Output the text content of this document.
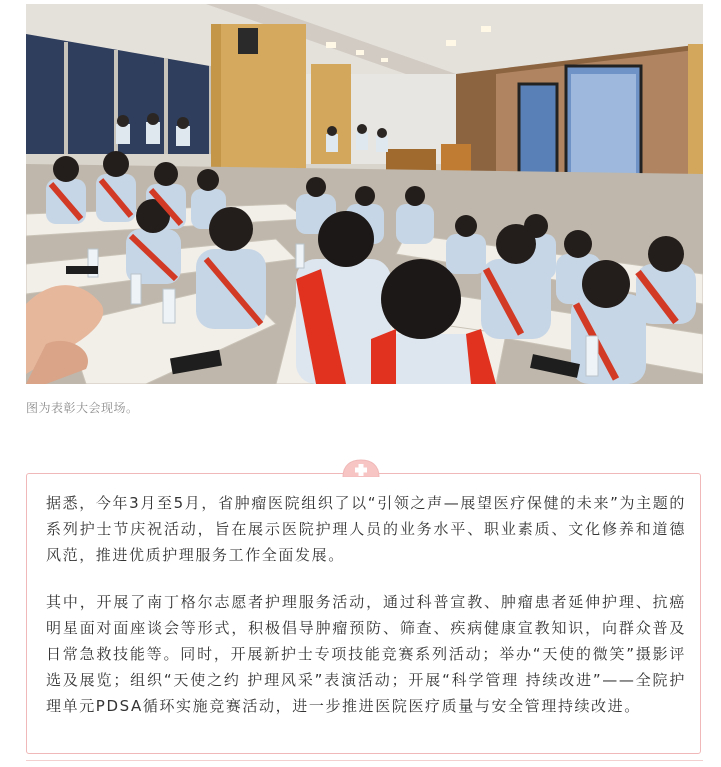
图为表彰大会现场。

据悉，今年3月至5月，省肿瘤医院组织了以“引领之声—展望医疗保健的未来”为主题的系列护士节庆祝活动，旨在展示医院护理人员的业务水平、职业素质、文化修养和道德风范，推进优质护理服务工作全面发展。

其中，开展了南丁格尔志愿者护理服务活动，通过科普宣教、肿瘤患者延伸护理、抗癌明星面对面座谈会等形式，积极倡导肿瘤预防、筛查、疾病健康宣教知识，向群众普及日常急救技能等。同时，开展新护士专项技能竞赛系列活动；举办“天使的微笑”摄影评选及展览；组织“天使之约 护理风采”表演活动；开展“科学管理 持续改进”——全院护理单元PDSA循环实施竞赛活动，进一步推进医院医疗质量与安全管理持续改进。
